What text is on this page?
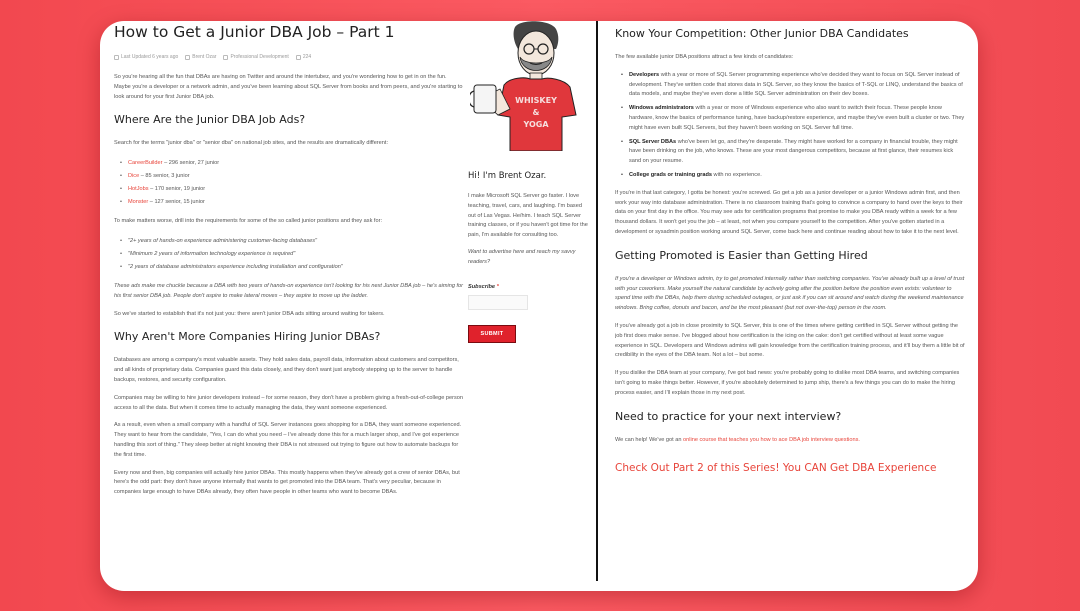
How to Get a Junior DBA Job – Part 1
Last Updated 6 years ago	Brent Ozar	Professional Development	224

So you're hearing all the fun that DBAs are having on Twitter and around the intertubez, and you're wondering how to get in on the fun. Maybe you're a developer or a network admin, and you've been learning about SQL Server from books and from peers, and you're starting to look around for your first Junior DBA job.

Where Are the Junior DBA Job Ads?

Search for the terms "junior dba" or "senior dba" on national job sites, and the results are dramatically different:

• CareerBuilder – 296 senior, 27 junior
• Dice – 85 senior, 3 junior
• HotJobs – 170 senior, 19 junior
• Monster – 127 senior, 15 junior

To make matters worse, drill into the requirements for some of the so called junior positions and they ask for:

• "2+ years of hands-on experience administering customer-facing databases"
• "Minimum 2 years of information technology experience is required"
• "2 years of database administrators experience including installation and configuration"

These ads make me chuckle because a DBA with two years of hands-on experience isn't looking for his next Junior DBA job – he's aiming for his first senior DBA job. People don't aspire to make lateral moves – they aspire to move up the ladder.

So we've started to establish that it's not just you: there aren't junior DBA ads sitting around waiting for takers.

Why Aren't More Companies Hiring Junior DBAs?

Databases are among a company's most valuable assets. They hold sales data, payroll data, information about customers and competitors, and all kinds of proprietary data. Companies guard this data closely, and they don't want just anybody stepping up to the server to handle backups, restores, and security configuration.

Companies may be willing to hire junior developers instead – for some reason, they don't have a problem giving a fresh-out-of-college person access to all the data. But when it comes time to actually managing the data, they want someone experienced.

As a result, even when a small company with a handful of SQL Server instances goes shopping for a DBA, they want someone experienced. They want to hear from the candidate, "Yes, I can do what you need – I've already done this for a much larger shop, and I've got experience handling this sort of thing." They sleep better at night knowing their DBA is not stressed out trying to figure out how to automate backups for the first time.

Every now and then, big companies will actually hire junior DBAs. This mostly happens when they've already got a crew of senior DBAs, but here's the odd part: they don't have anyone internally that wants to get promoted into the DBA team. That's very peculiar, because in companies large enough to have DBAs already, they often have people in other teams who want to become DBAs.

WHISKEY
&
YOGA
Hi! I'm Brent Ozar.

I make Microsoft SQL Server go faster. I love teaching, travel, cars, and laughing. I'm based out of Las Vegas. He/him. I teach SQL Server training classes, or if you haven't got time for the pain, I'm available for consulting too.

Want to advertise here and reach my savvy readers?

Subscribe *
SUBMIT
Know Your Competition: Other Junior DBA Candidates

The few available junior DBA positions attract a few kinds of candidates:

• Developers with a year or more of SQL Server programming experience who've decided they want to focus on SQL Server instead of development. They've written code that stores data in SQL Server, so they know the basics of T-SQL or LINQ, understand the basics of data models, and maybe they've even done a little SQL Server administration on their dev boxes.
• Windows administrators with a year or more of Windows experience who also want to switch their focus. These people know hardware, know the basics of performance tuning, have backup/restore experience, and maybe they've even built a cluster or two. They might have even built SQL Servers, but they haven't been working on SQL Server full time.
• SQL Server DBAs who've been let go, and they're desperate. They might have worked for a company in financial trouble, they might have been drinking on the job, who knows. These are your most dangerous competitors, because at first glance, their resumes kick sand on your resume.
• College grads or training grads with no experience.

If you're in that last category, I gotta be honest: you're screwed. Go get a job as a junior developer or a junior Windows admin first, and then work your way into database administration. There is no classroom training that's going to convince a company to hand over the keys to their data on your first day in the office. You may see ads for certification programs that promise to make you DBA ready within a week for a few thousand dollars. It won't get you the job – at least, not when you compare yourself to the competition. After you've gotten started in a development or sysadmin position working around SQL Server, come back here and continue reading about how to take it to the next level.

Getting Promoted is Easier than Getting Hired

If you're a developer or Windows admin, try to get promoted internally rather than switching companies. You've already built up a level of trust with your coworkers. Make yourself the natural candidate by actively going after the position before the position even exists: volunteer to spend time with the DBAs, help them during scheduled outages, or just ask if you can sit around and watch during the weekend maintenance windows. Bring coffee, donuts and bacon, and be the most pleasant (but not over-the-top) person in the room.

If you've already got a job in close proximity to SQL Server, this is one of the times where getting certified in SQL Server without getting the job first does make sense. I've blogged about how certification is the icing on the cake: don't get certified without at least some vague experience in SQL. Developers and Windows admins will gain knowledge from the certification training process, and it'll buy them a little bit of credibility in the eyes of the DBA team. Not a lot – but some.

If you dislike the DBA team at your company, I've got bad news: you're probably going to dislike most DBA teams, and switching companies isn't going to make things better. However, if you're absolutely determined to jump ship, there's a few things you can do to make the hiring process easier, and I'll explain those in my next post.

Need to practice for your next interview?

We can help! We've got an online course that teaches you how to ace DBA job interview questions.

Check Out Part 2 of this Series! You CAN Get DBA Experience
